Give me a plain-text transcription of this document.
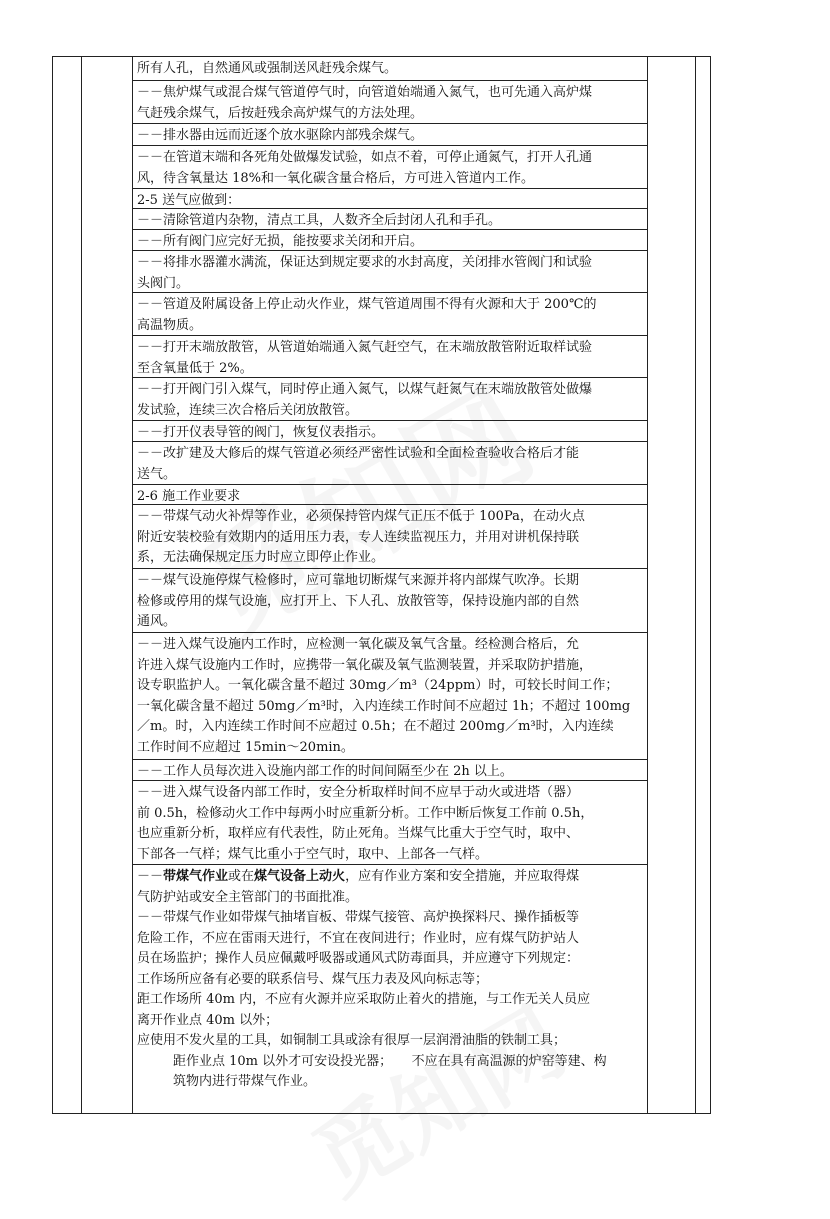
所有人孔，自然通风或强制送风赶残余煤气。
－－焦炉煤气或混合煤气管道停气时，向管道始端通入氮气，也可先通入高炉煤
气赶残余煤气，后按赶残余高炉煤气的方法处理。
－－排水器由远而近逐个放水驱除内部残余煤气。
－－在管道末端和各死角处做爆发试验，如点不着，可停止通氮气，打开人孔通
风，待含氧量达 18%和一氧化碳含量合格后，方可进入管道内工作。
2-5 送气应做到：
－－清除管道内杂物，清点工具，人数齐全后封闭人孔和手孔。
－－所有阀门应完好无损，能按要求关闭和开启。
－－将排水器灌水满流，保证达到规定要求的水封高度，关闭排水管阀门和试验
头阀门。
－－管道及附属设备上停止动火作业，煤气管道周围不得有火源和大于 200℃的
高温物质。
－－打开末端放散管，从管道始端通入氮气赶空气，在末端放散管附近取样试验
至含氧量低于 2%。
－－打开阀门引入煤气，同时停止通入氮气，以煤气赶氮气在末端放散管处做爆
发试验，连续三次合格后关闭放散管。
－－打开仪表导管的阀门，恢复仪表指示。
－－改扩建及大修后的煤气管道必须经严密性试验和全面检查验收合格后才能
送气。
2-6 施工作业要求
－－带煤气动火补焊等作业，必须保持管内煤气正压不低于 100Pa，在动火点
附近安装校验有效期内的适用压力表，专人连续监视压力，并用对讲机保持联
系，无法确保规定压力时应立即停止作业。
－－煤气设施停煤气检修时，应可靠地切断煤气来源并将内部煤气吹净。长期
检修或停用的煤气设施，应打开上、下人孔、放散管等，保持设施内部的自然
通风。
－－进入煤气设施内工作时，应检测一氧化碳及氧气含量。经检测合格后，允
许进入煤气设施内工作时，应携带一氧化碳及氧气监测装置，并采取防护措施，
设专职监护人。一氧化碳含量不超过 30mg／m³（24ppm）时，可较长时间工作；
一氧化碳含量不超过 50mg／m³时，入内连续工作时间不应超过 1h；不超过 100mg
／m。时，入内连续工作时间不应超过 0.5h；在不超过 200mg／m³时，入内连续
工作时间不应超过 15min～20min。
－－工作人员每次进入设施内部工作的时间间隔至少在 2h 以上。
－－进入煤气设备内部工作时，安全分析取样时间不应早于动火或进塔（器）
前 0.5h，检修动火工作中每两小时应重新分析。工作中断后恢复工作前 0.5h，
也应重新分析，取样应有代表性，防止死角。当煤气比重大于空气时，取中、
下部各一气样；煤气比重小于空气时，取中、上部各一气样。
－－带煤气作业或在煤气设备上动火，应有作业方案和安全措施，并应取得煤
气防护站或安全主管部门的书面批准。
－－带煤气作业如带煤气抽堵盲板、带煤气接管、高炉换探料尺、操作插板等
危险工作，不应在雷雨天进行，不宜在夜间进行；作业时，应有煤气防护站人
员在场监护；操作人员应佩戴呼吸器或通风式防毒面具，并应遵守下列规定：
工作场所应备有必要的联系信号、煤气压力表及风向标志等；
距工作场所 40m 内，不应有火源并应采取防止着火的措施，与工作无关人员应
离开作业点 40m 以外；
应使用不发火星的工具，如铜制工具或涂有很厚一层润滑油脂的铁制工具；
距作业点 10m 以外才可安设投光器；　　不应在具有高温源的炉窑等建、构
筑物内进行带煤气作业。
